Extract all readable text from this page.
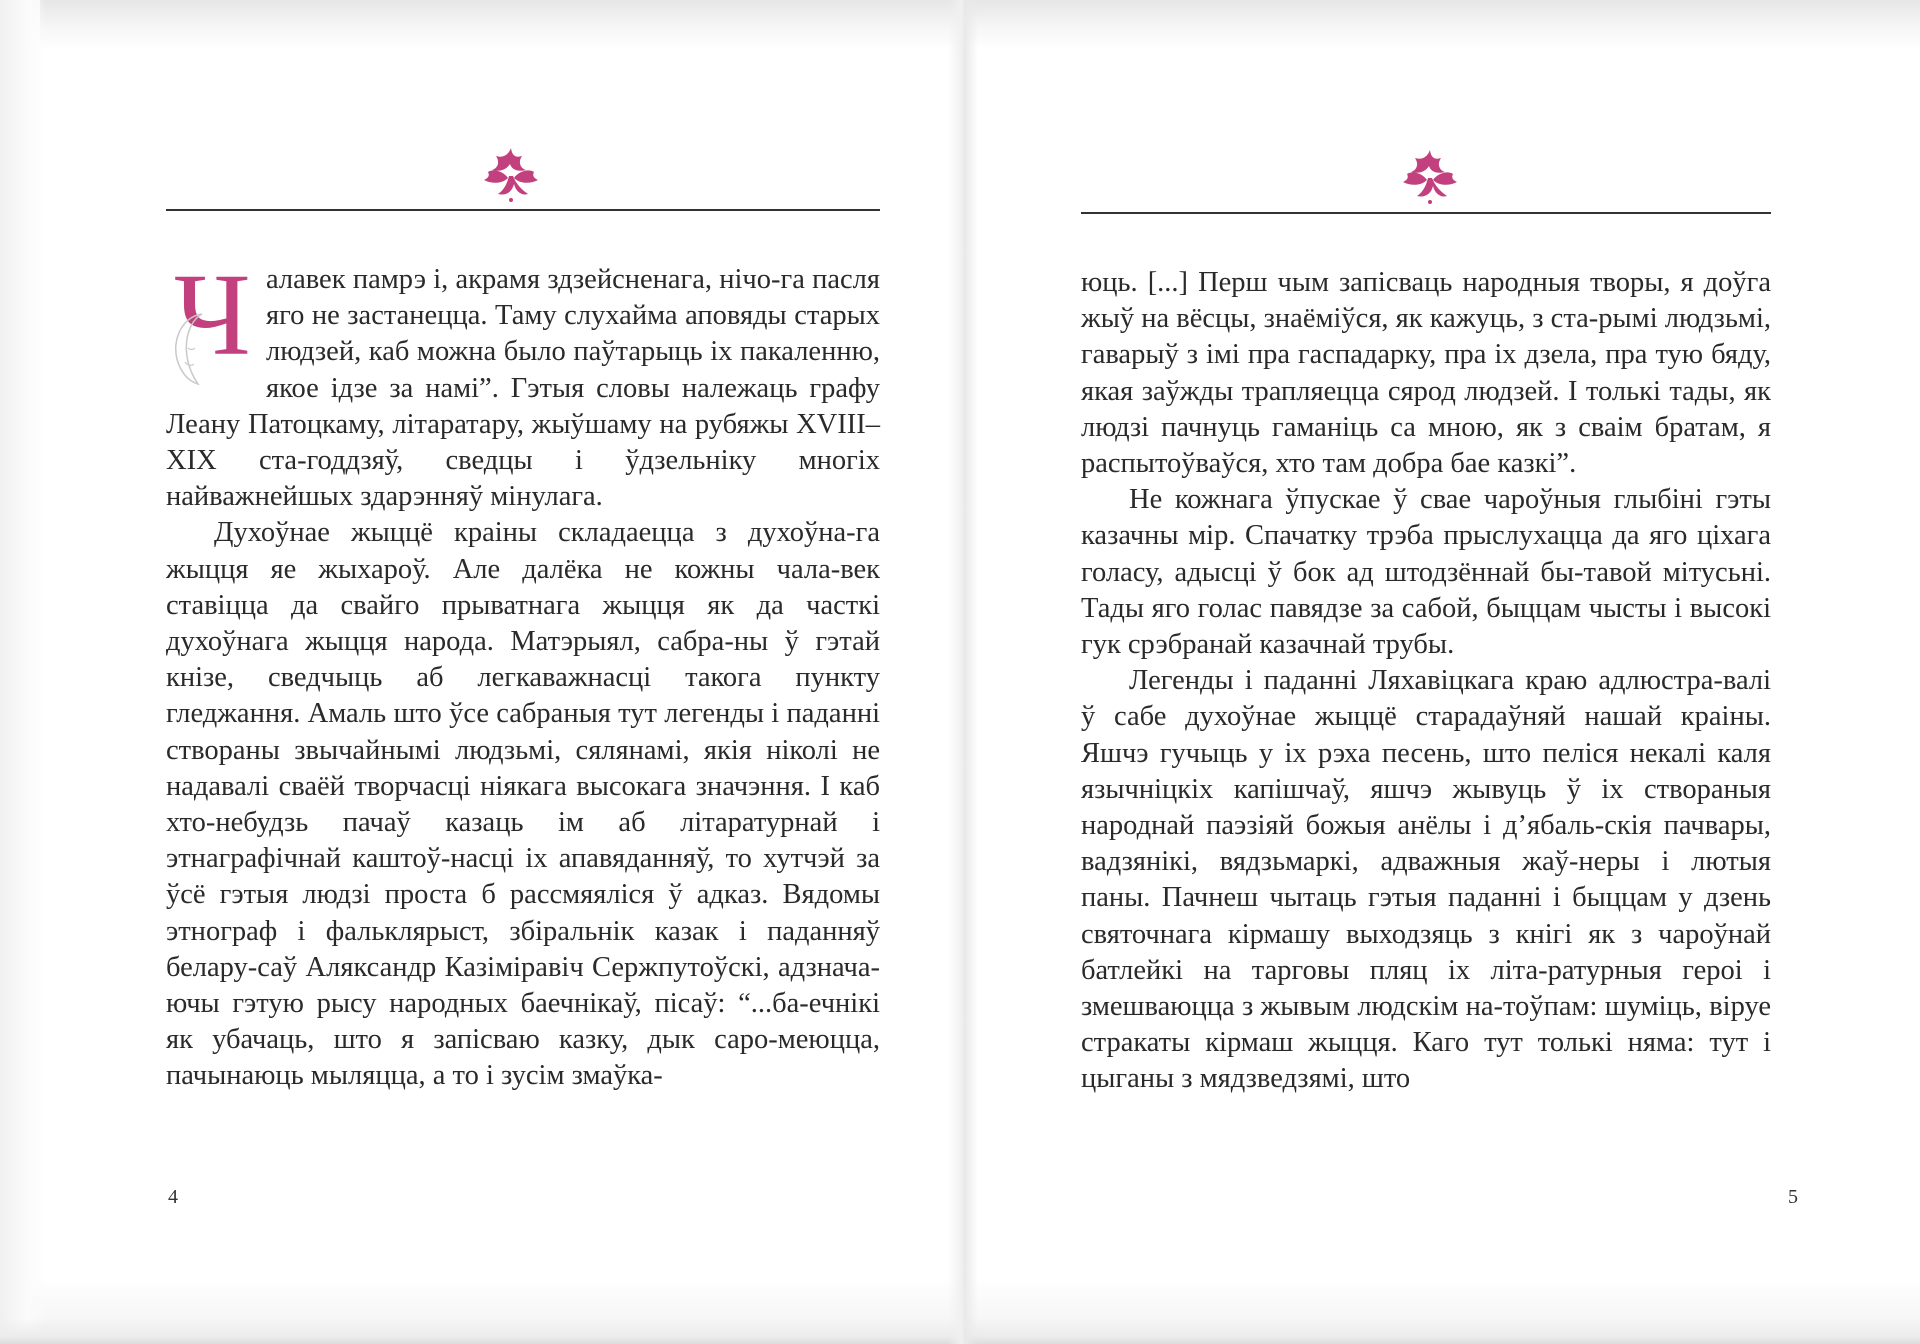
Ч алавек памрэ і, акрамя здзейсненага, нічо-га пасля яго не застанецца. Таму слухайма аповяды старых людзей, каб можна было паўтарыць іх пакаленню, якое ідзе за намі”. Гэтыя словы належаць графу Леану Патоцкаму, літаратару, жыўшаму на рубяжы XVIII–XIX ста-годдзяў, сведцы і ўдзельніку многіх найважнейшых здарэнняў мінулага.

Духоўнае жыццё краіны складаецца з духоўна-га жыцця яе жыхароў. Але далёка не кожны чала-век ставіцца да свайго прыватнага жыцця як да часткі духоўнага жыцця народа. Матэрыял, сабра-ны ў гэтай кнізе, сведчыць аб легкаважнасці такога пункту гледжання. Амаль што ўсе сабраныя тут легенды і паданні створаны звычайнымі людзьмі, сялянамі, якія ніколі не надавалі сваёй творчасці ніякага высокага значэння. І каб хто-небудзь пачаў казаць ім аб літаратурнай і этнаграфічнай каштоў-насці іх апавяданняў, то хутчэй за ўсё гэтыя людзі проста б рассмяяліся ў адказ. Вядомы этнограф і фальклярыст, збіральнік казак і паданняў белару-саў Аляксандр Казіміравіч Сержпутоўскі, адзнача-ючы гэтую рысу народных баечнікаў, пісаў: “...ба-ечнікі як убачаць, што я запісваю казку, дык саро-меюцца, пачынаюць мыляцца, а то і зусім змаўка-

4

юць. [...] Перш чым запісваць народныя творы, я доўга жыў на вёсцы, знаёміўся, як кажуць, з ста-рымі людзьмі, гаварыў з імі пра гаспадарку, пра іх дзела, пра тую бяду, якая заўжды трапляецца сярод людзей. І толькі тады, як людзі пачнуць гаманіць са мною, як з сваім братам, я распытоўваўся, хто там добра бае казкі”.

Не кожнага ўпускае ў свае чароўныя глыбіні гэты казачны мір. Спачатку трэба прыслухацца да яго ціхага голасу, адысці ў бок ад штодзённай бы-тавой мітусьні. Тады яго голас павядзе за сабой, быццам чысты і высокі гук срэбранай казачнай трубы.

Легенды і паданні Ляхавіцкага краю адлюстра-валі ў сабе духоўнае жыццё старадаўняй нашай краіны. Яшчэ гучыць у іх рэха песень, што пеліся некалі каля язычніцкіх капішчаў, яшчэ жывуць ў іх створаныя народнай паэзіяй божыя анёлы і д’ябаль-скія пачвары, вадзянікі, вядзьмаркі, адважныя жаў-неры і лютыя паны. Пачнеш чытаць гэтыя паданні і быццам у дзень святочнага кірмашу выходзяць з кнігі як з чароўнай батлейкі на тарговы пляц іх літа-ратурныя героі і змешваюцца з жывым людскім на-тоўпам: шуміць, віруе стракаты кірмаш жыцця. Каго тут толькі няма: тут і цыганы з мядзведзямі, што

5
